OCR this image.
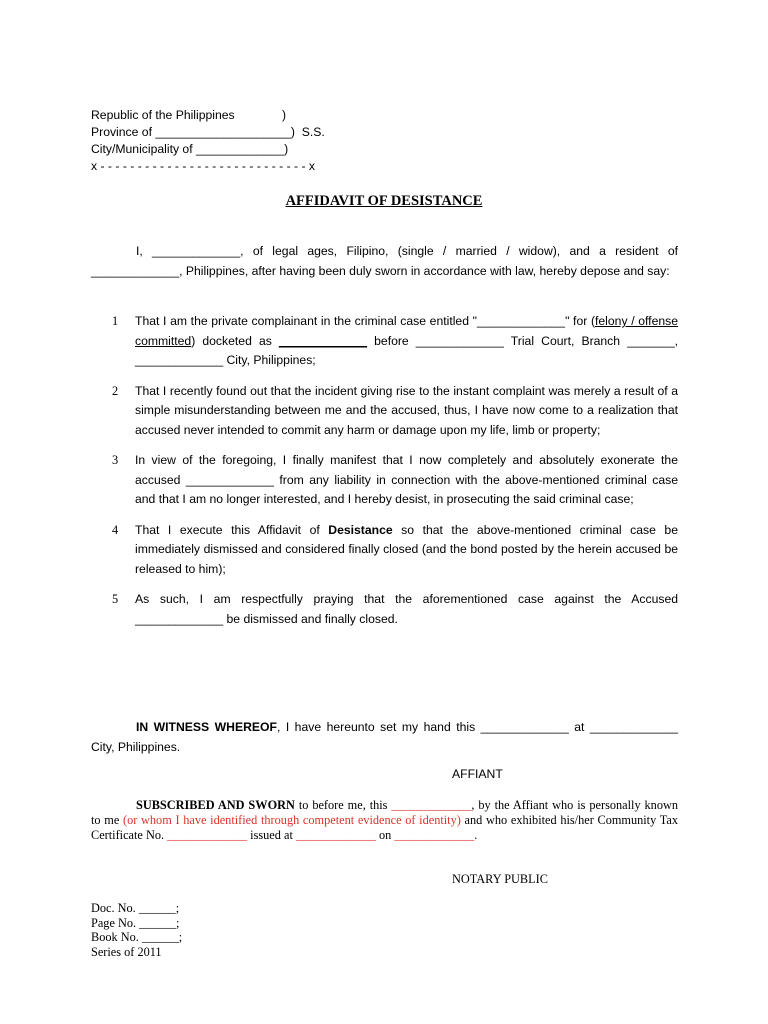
Republic of the Philippines              )
Province of ____________________)  S.S.
City/Municipality of _____________)
x - - - - - - - - - - - - - - - - - - - - - - - - - - - - x
AFFIDAVIT OF DESISTANCE
I, _____________, of legal ages, Filipino, (single / married / widow), and a resident of _____________, Philippines, after having been duly sworn in accordance with law, hereby depose and say:
1 That I am the private complainant in the criminal case entitled "_____________" for (felony / offense committed) docketed as _____________ before _____________ Trial Court, Branch _______, _____________ City, Philippines;
2 That I recently found out that the incident giving rise to the instant complaint was merely a result of a simple misunderstanding between me and the accused, thus, I have now come to a realization that accused never intended to commit any harm or damage upon my life, limb or property;
3 In view of the foregoing, I finally manifest that I now completely and absolutely exonerate the accused _____________ from any liability in connection with the above-mentioned criminal case and that I am no longer interested, and I hereby desist, in prosecuting the said criminal case;
4 That I execute this Affidavit of Desistance so that the above-mentioned criminal case be immediately dismissed and considered finally closed (and the bond posted by the herein accused be released to him);
5 As such, I am respectfully praying that the aforementioned case against the Accused _____________ be dismissed and finally closed.
IN WITNESS WHEREOF, I have hereunto set my hand this _____________ at _____________ City, Philippines.
AFFIANT
SUBSCRIBED AND SWORN to before me, this _____________, by the Affiant who is personally known to me (or whom I have identified through competent evidence of identity) and who exhibited his/her Community Tax Certificate No. _____________ issued at _____________ on _____________.
NOTARY PUBLIC
Doc. No. ______;
Page No. ______;
Book No. ______;
Series of 2011
